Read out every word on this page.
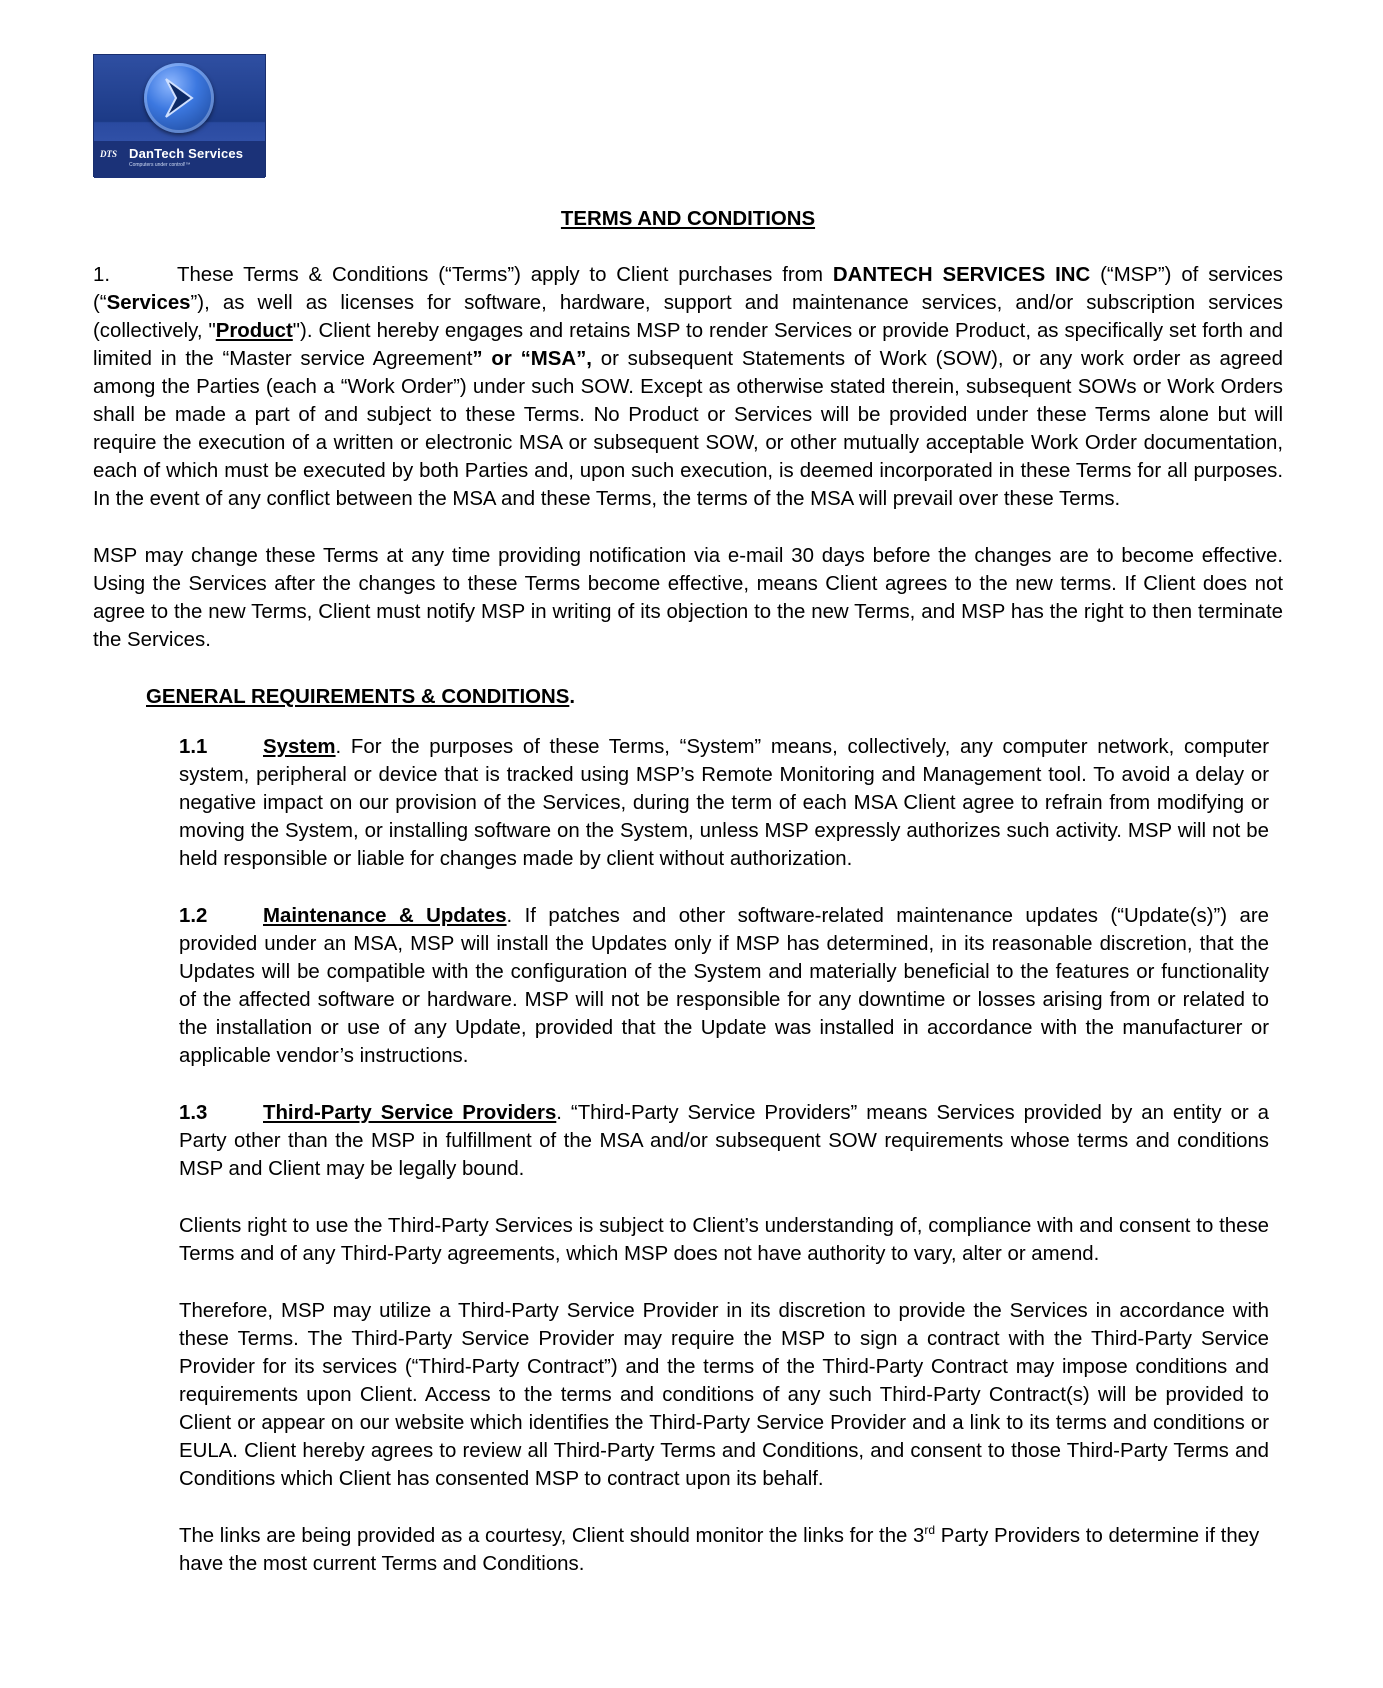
DTS DanTech Services
Computers under control!™
TERMS AND CONDITIONS

1.	These Terms & Conditions (“Terms”) apply to Client purchases from DANTECH SERVICES INC (“MSP”) of services (“Services”), as well as licenses for software, hardware, support and maintenance services, and/or subscription services (collectively, "Product"). Client hereby engages and retains MSP to render Services or provide Product, as specifically set forth and limited in the “Master service Agreement” or “MSA”, or subsequent Statements of Work (SOW), or any work order as agreed among the Parties (each a “Work Order”) under such SOW. Except as otherwise stated therein, subsequent SOWs or Work Orders shall be made a part of and subject to these Terms. No Product or Services will be provided under these Terms alone but will require the execution of a written or electronic MSA or subsequent SOW, or other mutually acceptable Work Order documentation, each of which must be executed by both Parties and, upon such execution, is deemed incorporated in these Terms for all purposes. In the event of any conflict between the MSA and these Terms, the terms of the MSA will prevail over these Terms.

MSP may change these Terms at any time providing notification via e-mail 30 days before the changes are to become effective. Using the Services after the changes to these Terms become effective, means Client agrees to the new terms. If Client does not agree to the new Terms, Client must notify MSP in writing of its objection to the new Terms, and MSP has the right to then terminate the Services.

GENERAL REQUIREMENTS & CONDITIONS.

1.1	System. For the purposes of these Terms, “System” means, collectively, any computer network, computer system, peripheral or device that is tracked using MSP’s Remote Monitoring and Management tool. To avoid a delay or negative impact on our provision of the Services, during the term of each MSA Client agree to refrain from modifying or moving the System, or installing software on the System, unless MSP expressly authorizes such activity. MSP will not be held responsible or liable for changes made by client without authorization.

1.2	Maintenance & Updates. If patches and other software-related maintenance updates (“Update(s)”) are provided under an MSA, MSP will install the Updates only if MSP has determined, in its reasonable discretion, that the Updates will be compatible with the configuration of the System and materially beneficial to the features or functionality of the affected software or hardware. MSP will not be responsible for any downtime or losses arising from or related to the installation or use of any Update, provided that the Update was installed in accordance with the manufacturer or applicable vendor’s instructions.

1.3	Third-Party Service Providers. “Third-Party Service Providers” means Services provided by an entity or a Party other than the MSP in fulfillment of the MSA and/or subsequent SOW requirements whose terms and conditions MSP and Client may be legally bound.

Clients right to use the Third-Party Services is subject to Client’s understanding of, compliance with and consent to these Terms and of any Third-Party agreements, which MSP does not have authority to vary, alter or amend.

Therefore, MSP may utilize a Third-Party Service Provider in its discretion to provide the Services in accordance with these Terms. The Third-Party Service Provider may require the MSP to sign a contract with the Third-Party Service Provider for its services (“Third-Party Contract”) and the terms of the Third-Party Contract may impose conditions and requirements upon Client. Access to the terms and conditions of any such Third-Party Contract(s) will be provided to Client or appear on our website which identifies the Third-Party Service Provider and a link to its terms and conditions or EULA. Client hereby agrees to review all Third-Party Terms and Conditions, and consent to those Third-Party Terms and Conditions which Client has consented MSP to contract upon its behalf.

The links are being provided as a courtesy, Client should monitor the links for the 3rd Party Providers to determine if they have the most current Terms and Conditions.
